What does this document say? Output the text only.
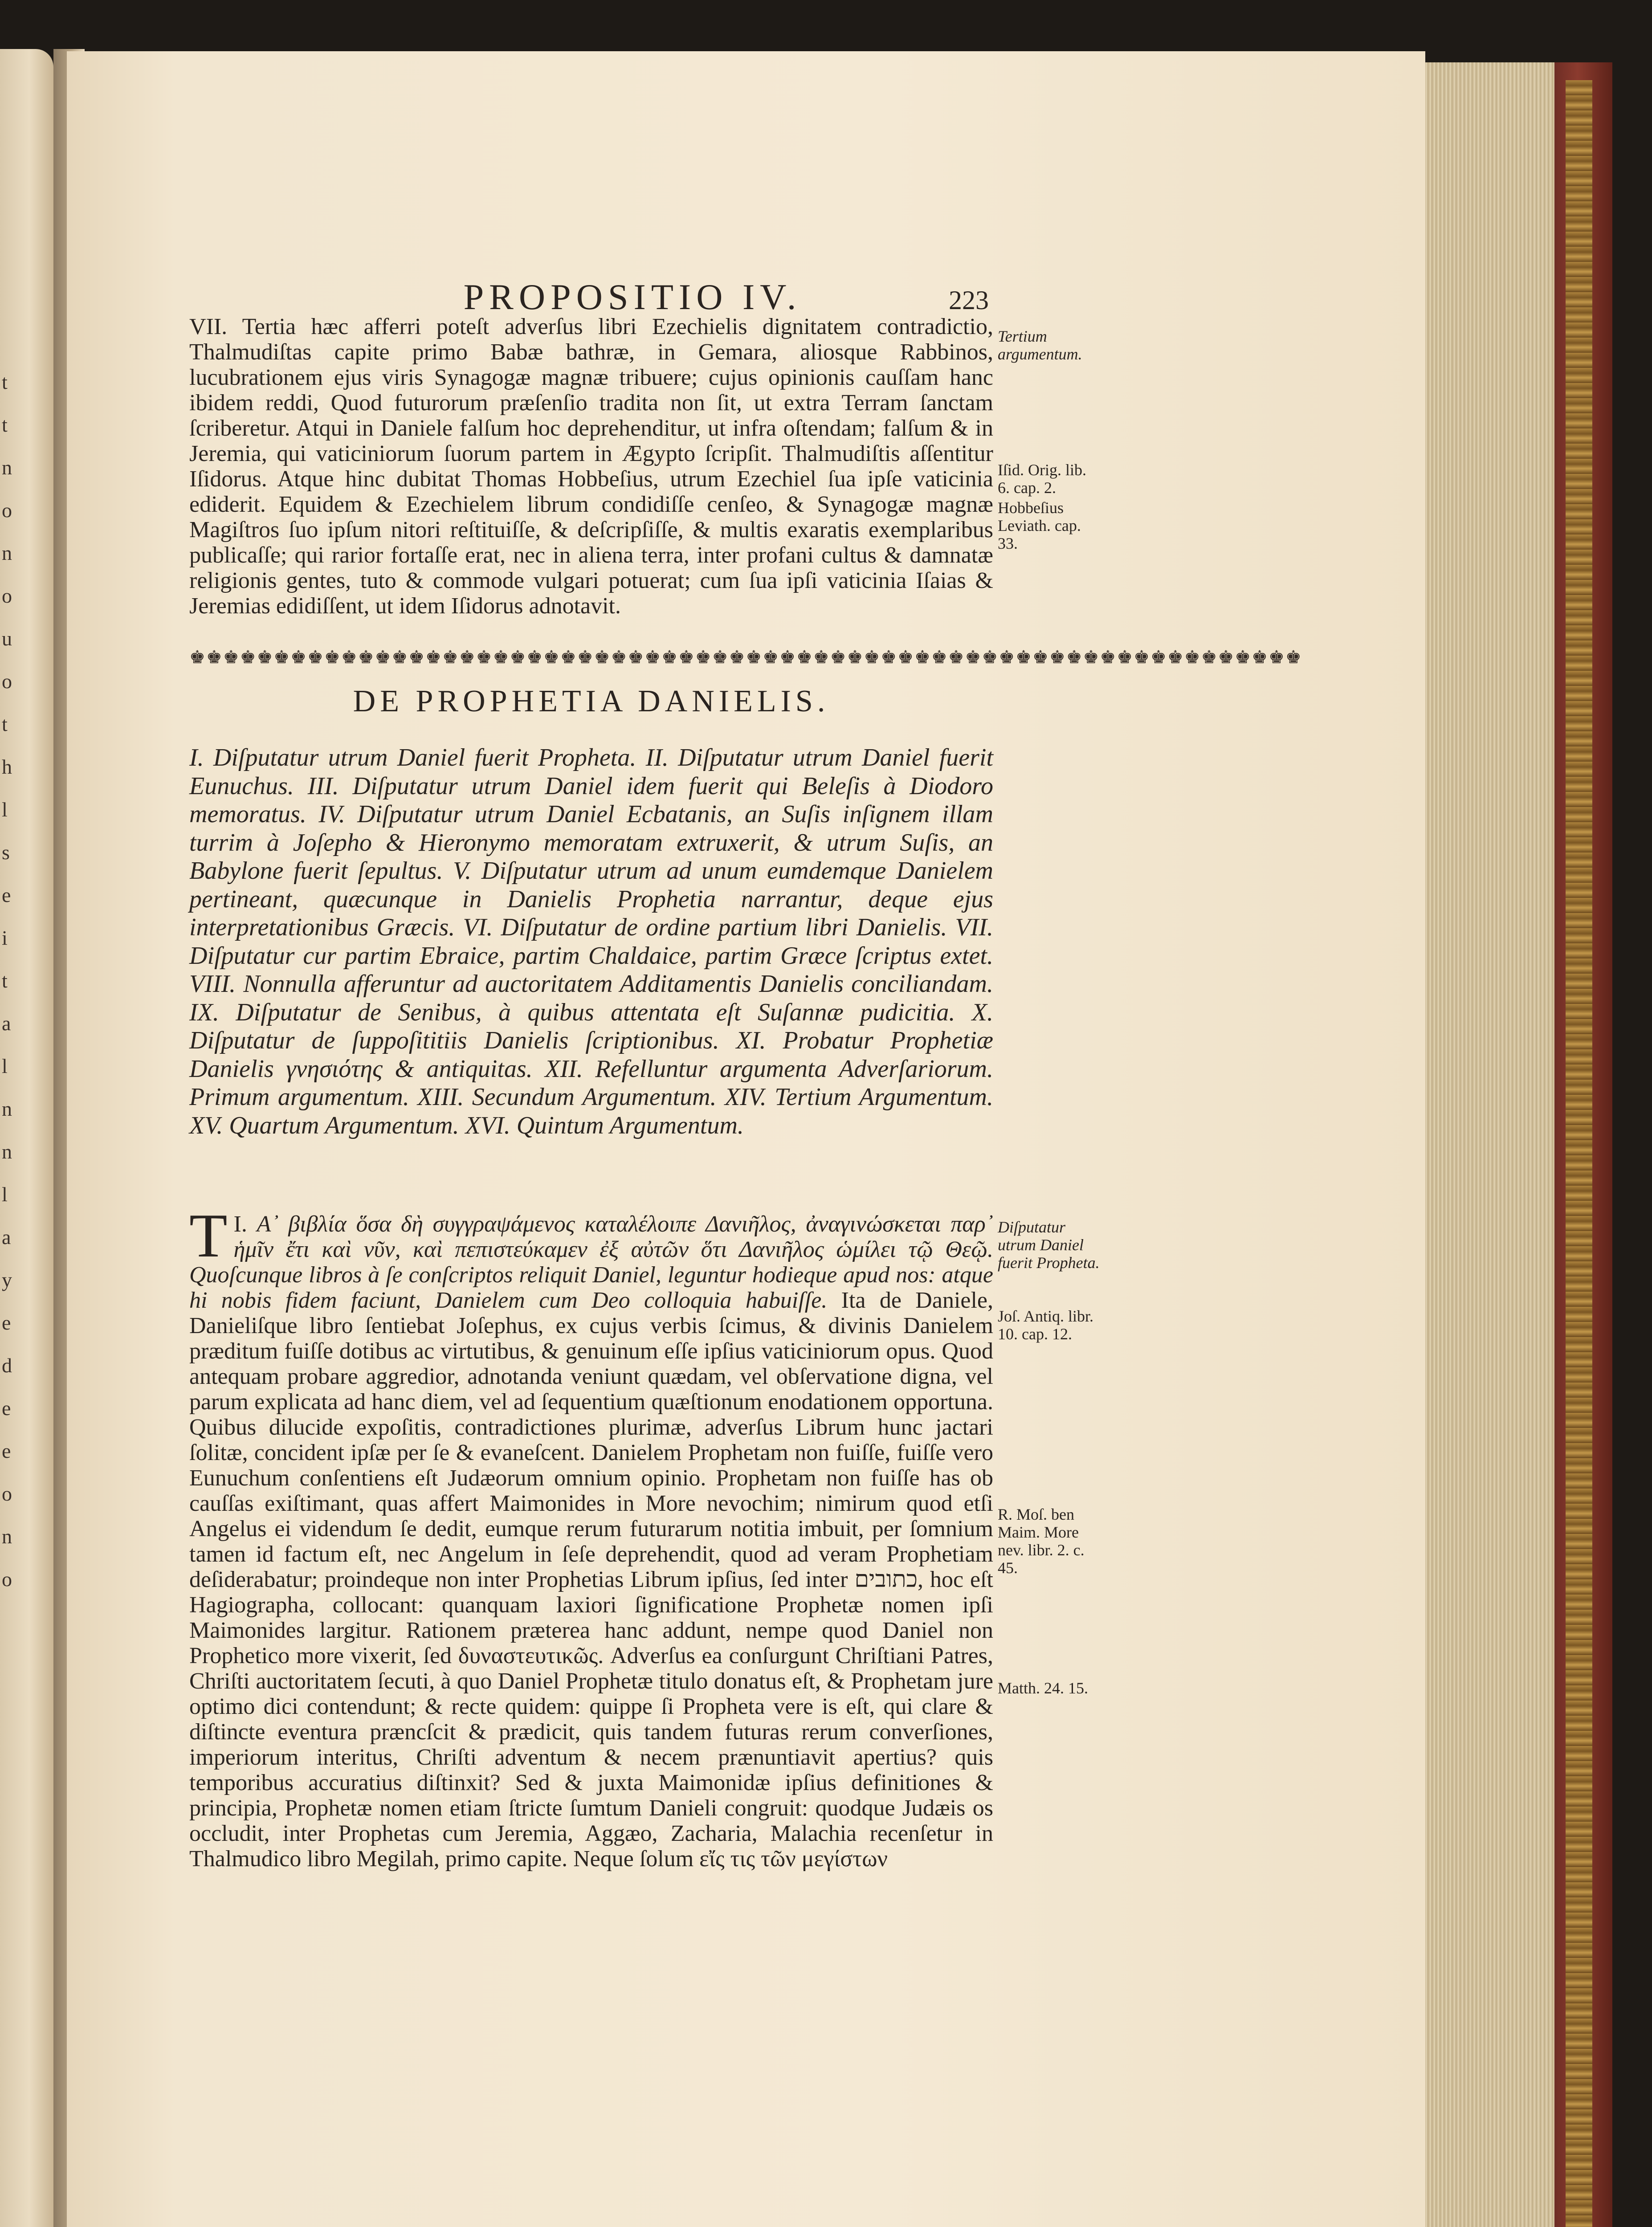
t
t
n
o
n
o
u
o
t
h
l
s
e
i
t
a
l
n
n
l
a
y
e
d
e
e
o
n
o
PROPOSITIO IV.	223

VII. Tertia hæc afferri poteſt adverſus libri Ezechielis dignitatem contradictio, Thalmudiſtas capite primo Babæ bathræ, in Gemara, aliosque Rabbinos, lucubrationem ejus viris Synagogæ magnæ tribuere; cujus opinionis cauſſam hanc ibidem reddi, Quod futurorum præſenſio tradita non ſit, ut extra Terram ſanctam ſcriberetur. Atqui in Daniele falſum hoc deprehenditur, ut infra oſtendam; falſum & in Jeremia, qui vaticiniorum ſuorum partem in Ægypto ſcripſit. Thalmudiſtis aſſentitur Iſidorus. Atque hinc dubitat Thomas Hobbeſius, utrum Ezechiel ſua ipſe vaticinia ediderit. Equidem & Ezechielem librum condidiſſe cenſeo, & Synagogæ magnæ Magiſtros ſuo ipſum nitori reſtituiſſe, & deſcripſiſſe, & multis exaratis exemplaribus publicaſſe; qui rarior fortaſſe erat, nec in aliena terra, inter profani cultus & damnatæ religionis gentes, tuto & commode vulgari potuerat; cum ſua ipſi vaticinia Iſaias & Jeremias edidiſſent, ut idem Iſidorus adnotavit.

Tertium argumentum.
Iſid. Orig. lib. 6. cap. 2.
Hobbeſius Leviath. cap. 33.
♚♚♚♚♚♚♚♚♚♚♚♚♚♚♚♚♚♚♚♚♚♚♚♚♚♚♚♚♚♚♚♚♚♚♚♚♚♚♚♚♚♚♚♚♚♚♚♚♚♚♚♚♚♚♚♚♚♚♚♚♚♚♚♚♚♚
DE PROPHETIA DANIELIS.
I. Diſputatur utrum Daniel fuerit Propheta. II. Diſputatur utrum Daniel fuerit Eunuchus. III. Diſputatur utrum Daniel idem fuerit qui Beleſis à Diodoro memoratus. IV. Diſputatur utrum Daniel Ecbatanis, an Suſis inſignem illam turrim à Joſepho & Hieronymo memoratam extruxerit, & utrum Suſis, an Babylone fuerit ſepultus. V. Diſputatur utrum ad unum eumdemque Danielem pertineant, quæcunque in Danielis Prophetia narrantur, deque ejus interpretationibus Græcis. VI. Diſputatur de ordine partium libri Danielis. VII. Diſputatur cur partim Ebraice, partim Chaldaice, partim Græce ſcriptus extet. VIII. Nonnulla afferuntur ad auctoritatem Additamentis Danielis conciliandam. IX. Diſputatur de Senibus, à quibus attentata eſt Suſannæ pudicitia. X. Diſputatur de ſuppoſititiis Danielis ſcriptionibus. XI. Probatur Prophetiæ Danielis γνησιότης & antiquitas. XII. Refelluntur argumenta Adverſariorum. Primum argumentum. XIII. Secundum Argumentum. XIV. Tertium Argumentum. XV. Quartum Argumentum. XVI. Quintum Argumentum.

I.
T Α᾽ βιβλία ὅσα δὴ συγγραψάμενος καταλέλοιπε Δανιῆλος, ἀναγινώσκεται παρ᾽ ἡμῖν ἔτι καὶ νῦν, καὶ πεπιστεύκαμεν ἐξ αὐτῶν ὅτι Δανιῆλος ὡμίλει τῷ Θεῷ. Quoſcunque libros à ſe conſcriptos reliquit Daniel, leguntur hodieque apud nos: atque hi nobis fidem faciunt, Danielem cum Deo colloquia habuiſſe. Ita de Daniele, Danieliſque libro ſentiebat Joſephus, ex cujus verbis ſcimus, & divinis Danielem præditum fuiſſe dotibus ac virtutibus, & genuinum eſſe ipſius vaticiniorum opus. Quod antequam probare aggredior, adnotanda veniunt quædam, vel obſervatione digna, vel parum explicata ad hanc diem, vel ad ſequentium quæſtionum enodationem opportuna. Quibus dilucide expoſitis, contradictiones plurimæ, adverſus Librum hunc jactari ſolitæ, concident ipſæ per ſe & evaneſcent. Danielem Prophetam non fuiſſe, fuiſſe vero Eunuchum conſentiens eſt Judæorum omnium opinio. Prophetam non fuiſſe has ob cauſſas exiſtimant, quas affert Maimonides in More nevochim; nimirum quod etſi Angelus ei videndum ſe dedit, eumque rerum futurarum notitia imbuit, per ſomnium tamen id factum eſt, nec Angelum in ſeſe deprehendit, quod ad veram Prophetiam deſiderabatur; proindeque non inter Prophetias Librum ipſius, ſed inter כתובים, hoc eſt Hagiographa, collocant: quanquam laxiori ſignificatione Prophetæ nomen ipſi Maimonides largitur. Rationem præterea hanc addunt, nempe quod Daniel non Prophetico more vixerit, ſed δυναστευτικῶς. Adverſus ea conſurgunt Chriſtiani Patres, Chriſti auctoritatem ſecuti, à quo Daniel Prophetæ titulo donatus eſt, & Prophetam jure optimo dici contendunt; & recte quidem: quippe ſi Propheta vere is eſt, qui clare & diſtincte eventura præncſcit & prædicit, quis tandem futuras rerum converſiones, imperiorum interitus, Chriſti adventum & necem prænuntiavit apertius? quis temporibus accuratius diſtinxit? Sed & juxta Maimonidæ ipſius definitiones & principia, Prophetæ nomen etiam ſtricte ſumtum Danieli congruit: quodque Judæis os occludit, inter Prophetas cum Jeremia, Aggæo, Zacharia, Malachia recenſetur in Thalmudico libro Megilah, primo capite. Neque ſolum εἴς τις τῶν μεγίστων

Diſputatur utrum Daniel fuerit Propheta.
Joſ. Antiq. libr. 10. cap. 12.
R. Moſ. ben Maim. More nev. libr. 2. c. 45.
Matth. 24. 15.
